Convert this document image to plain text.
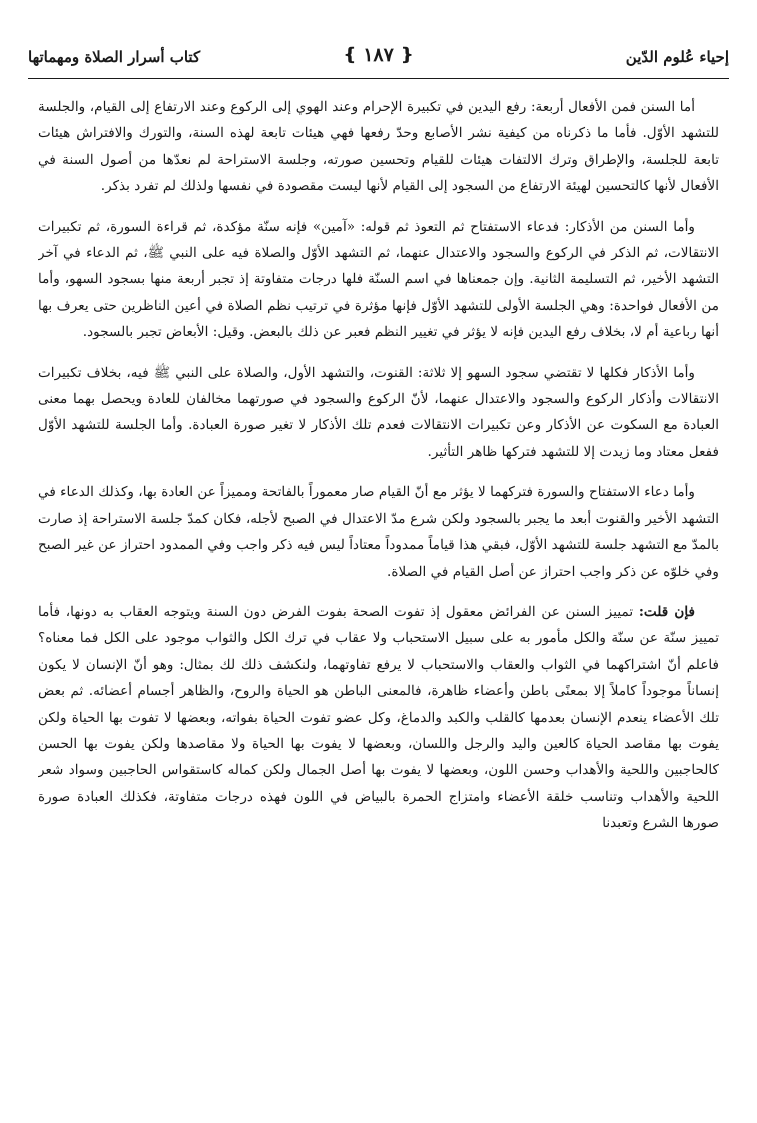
إحياء عُلوم الدّين
❴ ١٨٧ ❵
كتاب أسرار الصلاة ومهماتها

أما السنن فمن الأفعال أربعة: رفع اليدين في تكبيرة الإحرام وعند الهوي إلى الركوع وعند الارتفاع إلى القيام، والجلسة للتشهد الأوّل. فأما ما ذكرناه من كيفية نشر الأصابع وحدّ رفعها فهي هيئات تابعة لهذه السنة، والتورك والافتراش هيئات تابعة للجلسة، والإطراق وترك الالتفات هيئات للقيام وتحسين صورته، وجلسة الاستراحة لم نعدّها من أصول السنة في الأفعال لأنها كالتحسين لهيئة الارتفاع من السجود إلى القيام لأنها ليست مقصودة في نفسها ولذلك لم تفرد بذكر.

وأما السنن من الأذكار: فدعاء الاستفتاح ثم التعوذ ثم قوله: «آمين» فإنه سنّة مؤكدة، ثم قراءة السورة، ثم تكبيرات الانتقالات، ثم الذكر في الركوع والسجود والاعتدال عنهما، ثم التشهد الأوّل والصلاة فيه على النبي ﷺ، ثم الدعاء في آخر التشهد الأخير، ثم التسليمة الثانية. وإن جمعناها في اسم السنّة فلها درجات متفاوتة إذ تجبر أربعة منها بسجود السهو، وأما من الأفعال فواحدة: وهي الجلسة الأولى للتشهد الأوّل فإنها مؤثرة في ترتيب نظم الصلاة في أعين الناظرين حتى يعرف بها أنها رباعية أم لا، بخلاف رفع اليدين فإنه لا يؤثر في تغيير النظم فعبر عن ذلك بالبعض. وقيل: الأبعاض تجبر بالسجود.

وأما الأذكار فكلها لا تقتضي سجود السهو إلا ثلاثة: القنوت، والتشهد الأول، والصلاة على النبي ﷺ فيه، بخلاف تكبيرات الانتقالات وأذكار الركوع والسجود والاعتدال عنهما، لأنّ الركوع والسجود في صورتهما مخالفان للعادة ويحصل بهما معنى العبادة مع السكوت عن الأذكار وعن تكبيرات الانتقالات فعدم تلك الأذكار لا تغير صورة العبادة. وأما الجلسة للتشهد الأوّل ففعل معتاد وما زيدت إلا للتشهد فتركها ظاهر التأثير.

وأما دعاء الاستفتاح والسورة فتركهما لا يؤثر مع أنّ القيام صار معموراً بالفاتحة ومميزاً عن العادة بها، وكذلك الدعاء في التشهد الأخير والقنوت أبعد ما يجبر بالسجود ولكن شرع مدّ الاعتدال في الصبح لأجله، فكان كمدّ جلسة الاستراحة إذ صارت بالمدّ مع التشهد جلسة للتشهد الأوّل، فبقي هذا قياماً ممدوداً معتاداً ليس فيه ذكر واجب وفي الممدود احتراز عن غير الصبح وفي خلوّه عن ذكر واجب احتراز عن أصل القيام في الصلاة.

فإن قلت: تمييز السنن عن الفرائض معقول إذ تفوت الصحة بفوت الفرض دون السنة ويتوجه العقاب به دونها، فأما تمييز سنّة عن سنّة والكل مأمور به على سبيل الاستحباب ولا عقاب في ترك الكل والثواب موجود على الكل فما معناه؟ فاعلم أنّ اشتراكهما في الثواب والعقاب والاستحباب لا يرفع تفاوتهما، ولنكشف ذلك لك بمثال: وهو أنّ الإنسان لا يكون إنساناً موجوداً كاملاً إلا بمعنًى باطن وأعضاء ظاهرة، فالمعنى الباطن هو الحياة والروح، والظاهر أجسام أعضائه. ثم بعض تلك الأعضاء ينعدم الإنسان بعدمها كالقلب والكبد والدماغ، وكل عضو تفوت الحياة بفواته، وبعضها لا تفوت بها الحياة ولكن يفوت بها مقاصد الحياة كالعين واليد والرجل واللسان، وبعضها لا يفوت بها الحياة ولا مقاصدها ولكن يفوت بها الحسن كالحاجبين واللحية والأهداب وحسن اللون، وبعضها لا يفوت بها أصل الجمال ولكن كماله كاستقواس الحاجبين وسواد شعر اللحية والأهداب وتناسب خلقة الأعضاء وامتزاج الحمرة بالبياض في اللون فهذه درجات متفاوتة، فكذلك العبادة صورة صورها الشرع وتعبدنا
